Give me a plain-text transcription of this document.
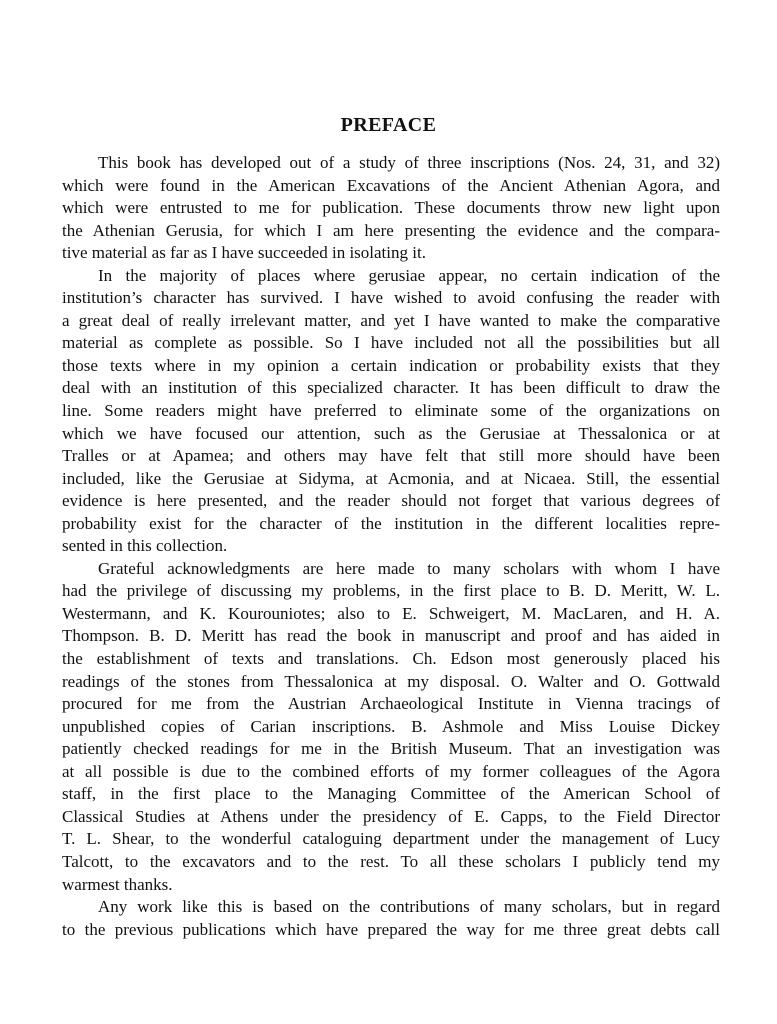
PREFACE

This book has developed out of a study of three inscriptions (Nos. 24, 31, and 32)
which were found in the American Excavations of the Ancient Athenian Agora, and
which were entrusted to me for publication. These documents throw new light upon
the Athenian Gerusia, for which I am here presenting the evidence and the compara-
tive material as far as I have succeeded in isolating it.

In the majority of places where gerusiae appear, no certain indication of the
institution’s character has survived. I have wished to avoid confusing the reader with
a great deal of really irrelevant matter, and yet I have wanted to make the comparative
material as complete as possible. So I have included not all the possibilities but all
those texts where in my opinion a certain indication or probability exists that they
deal with an institution of this specialized character. It has been difficult to draw the
line. Some readers might have preferred to eliminate some of the organizations on
which we have focused our attention, such as the Gerusiae at Thessalonica or at
Tralles or at Apamea; and others may have felt that still more should have been
included, like the Gerusiae at Sidyma, at Acmonia, and at Nicaea. Still, the essential
evidence is here presented, and the reader should not forget that various degrees of
probability exist for the character of the institution in the different localities repre-
sented in this collection.

Grateful acknowledgments are here made to many scholars with whom I have
had the privilege of discussing my problems, in the first place to B. D. Meritt, W. L.
Westermann, and K. Kourouniotes; also to E. Schweigert, M. MacLaren, and H. A.
Thompson. B. D. Meritt has read the book in manuscript and proof and has aided in
the establishment of texts and translations. Ch. Edson most generously placed his
readings of the stones from Thessalonica at my disposal. O. Walter and O. Gottwald
procured for me from the Austrian Archaeological Institute in Vienna tracings of
unpublished copies of Carian inscriptions. B. Ashmole and Miss Louise Dickey
patiently checked readings for me in the British Museum. That an investigation was
at all possible is due to the combined efforts of my former colleagues of the Agora
staff, in the first place to the Managing Committee of the American School of
Classical Studies at Athens under the presidency of E. Capps, to the Field Director
T. L. Shear, to the wonderful cataloguing department under the management of Lucy
Talcott, to the excavators and to the rest. To all these scholars I publicly tend my
warmest thanks.

Any work like this is based on the contributions of many scholars, but in regard
to the previous publications which have prepared the way for me three great debts call
